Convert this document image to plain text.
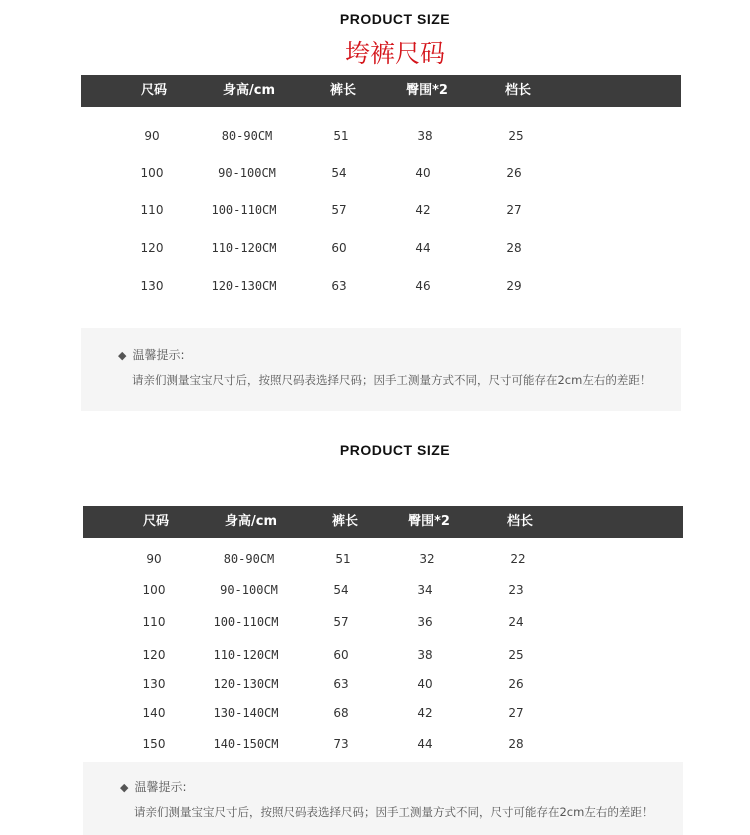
PRODUCT SIZE
垮裤尺码
尺码	身高/cm	裤长	臀围*2	档长
90	80-90CM	51	38	25
100	90-100CM	54	40	26
110	100-110CM	57	42	27
120	110-120CM	60	44	28
130	120-130CM	63	46	29
◆ 温馨提示:
请亲们测量宝宝尺寸后，按照尺码表选择尺码；因手工测量方式不同，尺寸可能存在2cm左右的差距！
PRODUCT SIZE
尺码	身高/cm	裤长	臀围*2	档长
90	80-90CM	51	32	22
100	90-100CM	54	34	23
110	100-110CM	57	36	24
120	110-120CM	60	38	25
130	120-130CM	63	40	26
140	130-140CM	68	42	27
150	140-150CM	73	44	28
◆ 温馨提示:
请亲们测量宝宝尺寸后，按照尺码表选择尺码；因手工测量方式不同，尺寸可能存在2cm左右的差距！
